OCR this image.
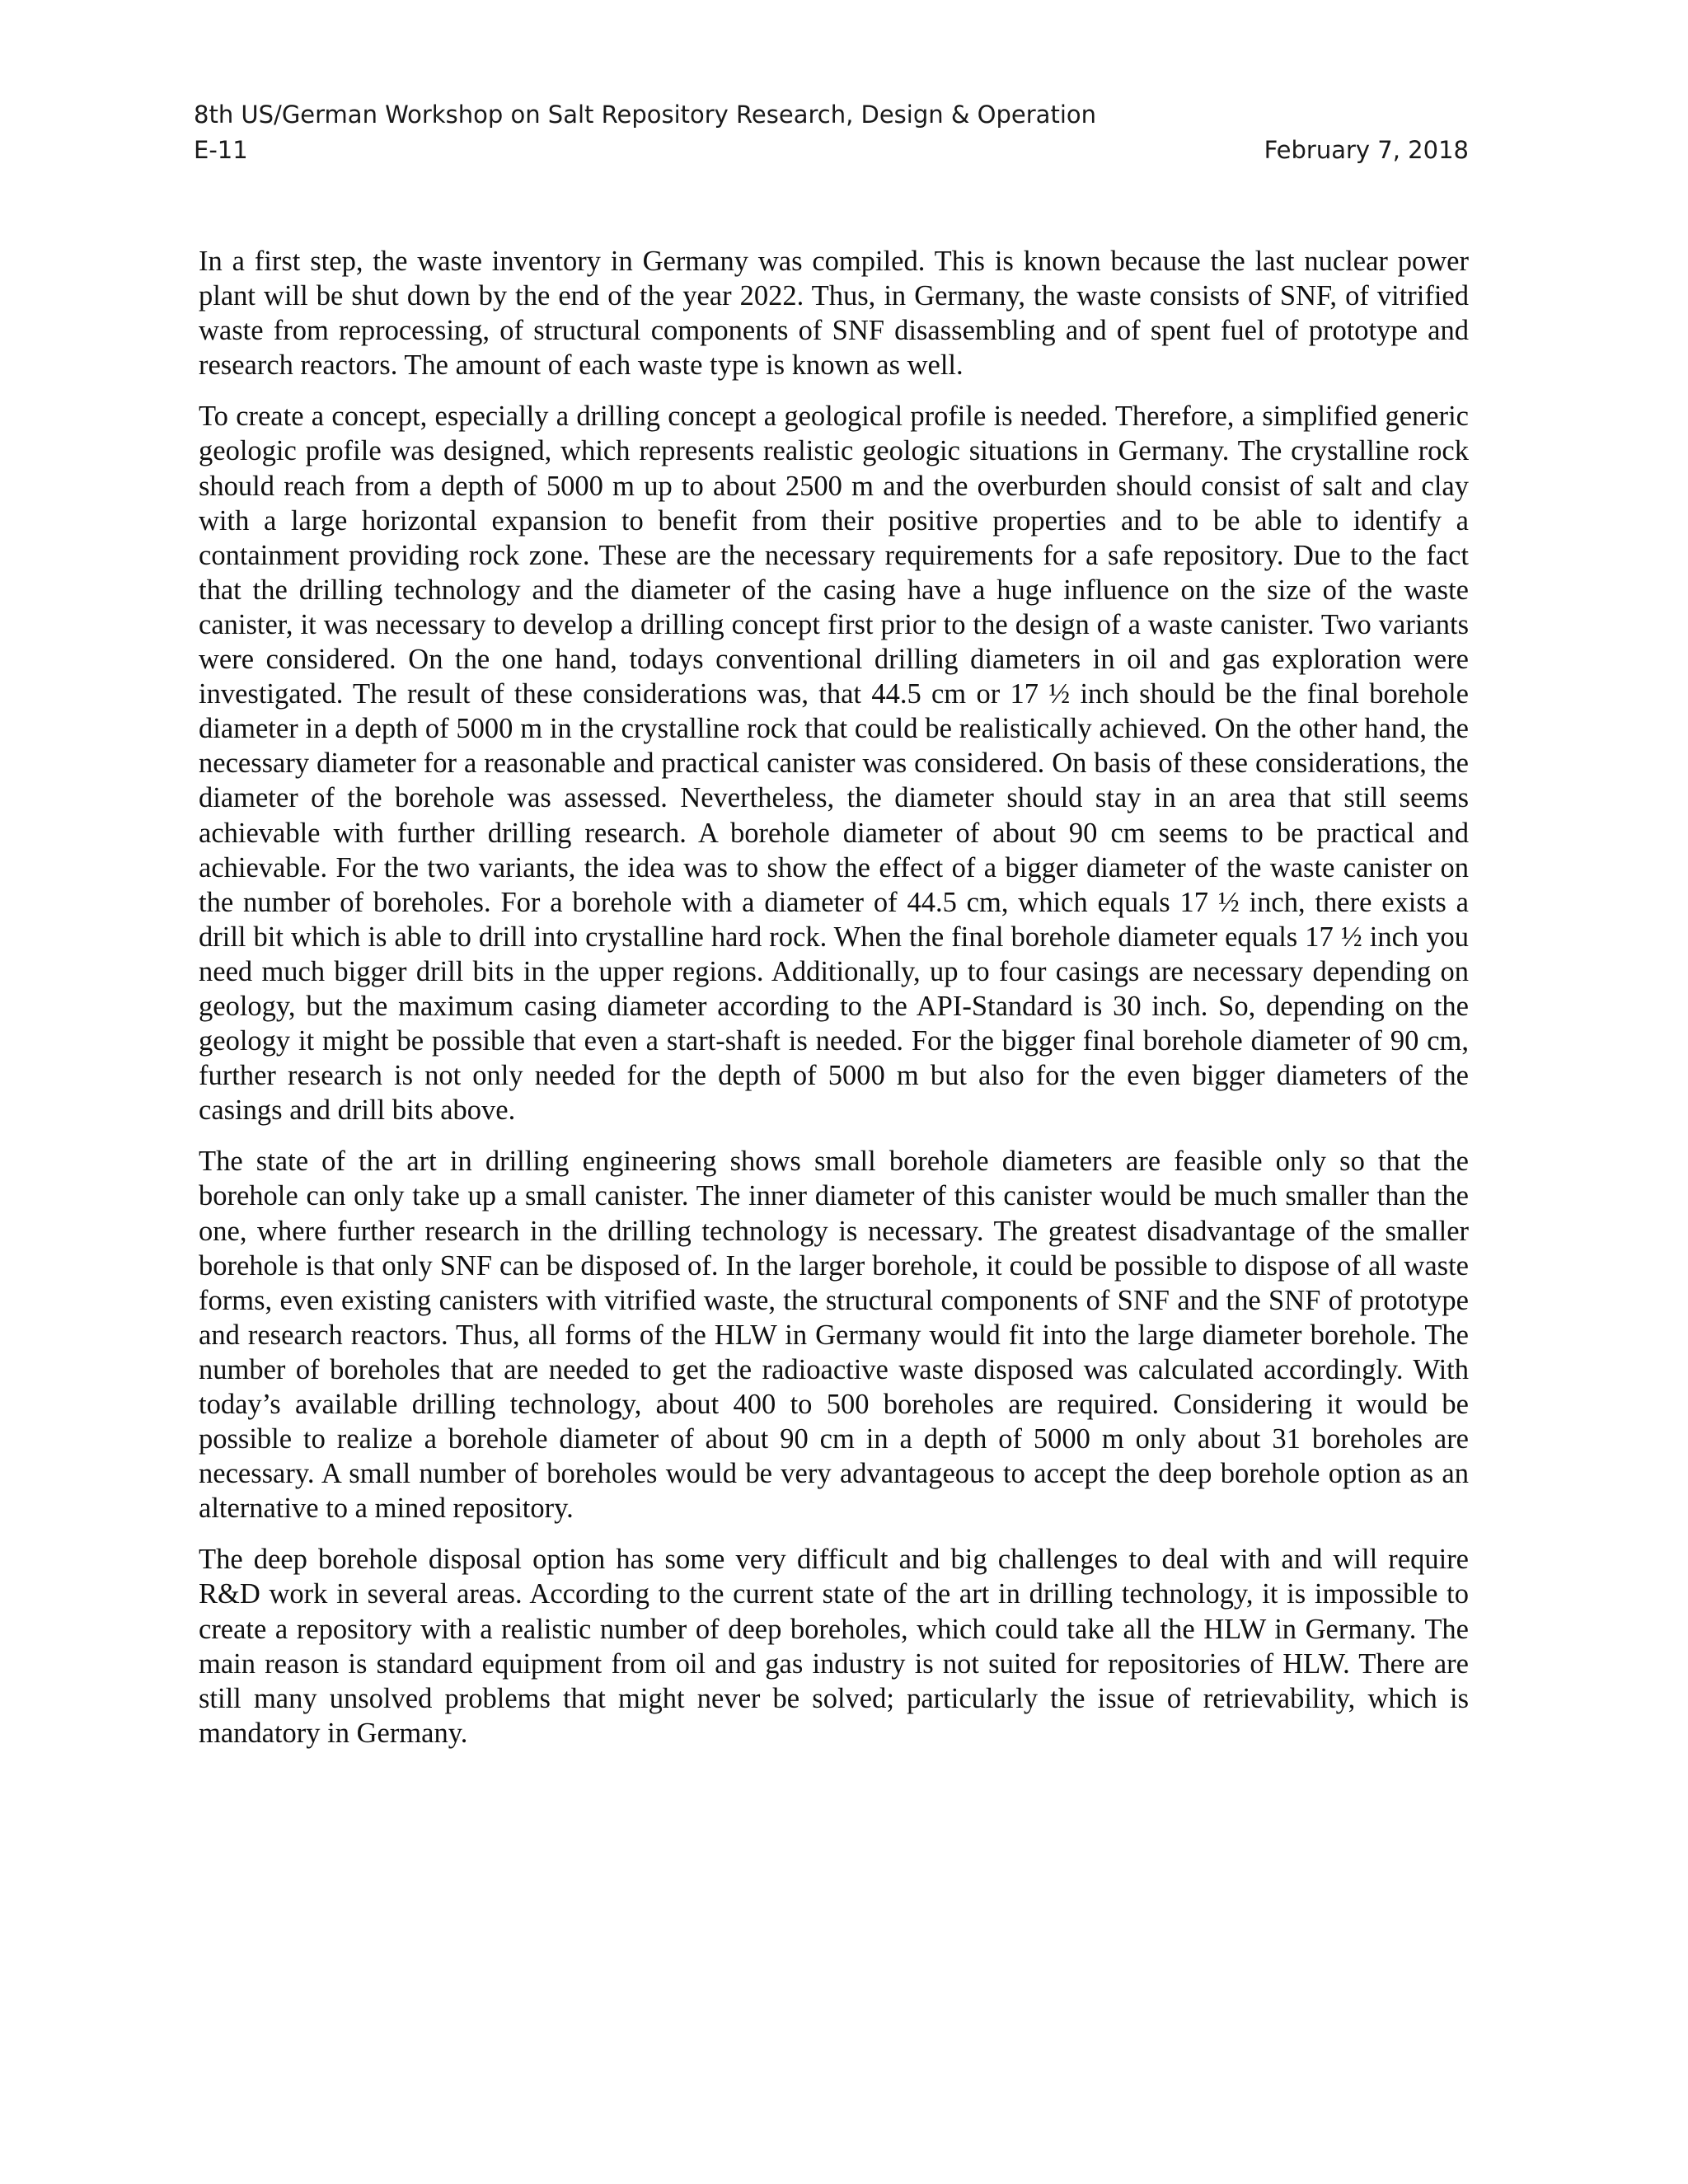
8th US/German Workshop on Salt Repository Research, Design & Operation
E-11	February 7, 2018

In a first step, the waste inventory in Germany was compiled. This is known because the last nuclear power plant will be shut down by the end of the year 2022. Thus, in Germany, the waste consists of SNF, of vitrified waste from reprocessing, of structural components of SNF disassembling and of spent fuel of prototype and research reactors. The amount of each waste type is known as well.

To create a concept, especially a drilling concept a geological profile is needed. Therefore, a simplified generic geologic profile was designed, which represents realistic geologic situations in Germany. The crystalline rock should reach from a depth of 5000 m up to about 2500 m and the overburden should consist of salt and clay with a large horizontal expansion to benefit from their positive properties and to be able to identify a containment providing rock zone. These are the necessary requirements for a safe repository. Due to the fact that the drilling technology and the diameter of the casing have a huge influence on the size of the waste canister, it was necessary to develop a drilling concept first prior to the design of a waste canister. Two variants were considered. On the one hand, todays conventional drilling diameters in oil and gas exploration were investigated. The result of these considerations was, that 44.5 cm or 17 ½ inch should be the final borehole diameter in a depth of 5000 m in the crystalline rock that could be realistically achieved. On the other hand, the necessary diameter for a reasonable and practical canister was considered. On basis of these considerations, the diameter of the borehole was assessed. Nevertheless, the diameter should stay in an area that still seems achievable with further drilling research. A borehole diameter of about 90 cm seems to be practical and achievable. For the two variants, the idea was to show the effect of a bigger diameter of the waste canister on the number of boreholes. For a borehole with a diameter of 44.5 cm, which equals 17 ½ inch, there exists a drill bit which is able to drill into crystalline hard rock. When the final borehole diameter equals 17 ½ inch you need much bigger drill bits in the upper regions. Additionally, up to four casings are necessary depending on geology, but the maximum casing diameter according to the API-Standard is 30 inch. So, depending on the geology it might be possible that even a start-shaft is needed. For the bigger final borehole diameter of 90 cm, further research is not only needed for the depth of 5000 m but also for the even bigger diameters of the casings and drill bits above.

The state of the art in drilling engineering shows small borehole diameters are feasible only so that the borehole can only take up a small canister. The inner diameter of this canister would be much smaller than the one, where further research in the drilling technology is necessary. The greatest disadvantage of the smaller borehole is that only SNF can be disposed of. In the larger borehole, it could be possible to dispose of all waste forms, even existing canisters with vitrified waste, the structural components of SNF and the SNF of prototype and research reactors. Thus, all forms of the HLW in Germany would fit into the large diameter borehole. The number of boreholes that are needed to get the radioactive waste disposed was calculated accordingly. With today’s available drilling technology, about 400 to 500 boreholes are required. Considering it would be possible to realize a borehole diameter of about 90 cm in a depth of 5000 m only about 31 boreholes are necessary. A small number of boreholes would be very advantageous to accept the deep borehole option as an alternative to a mined repository.

The deep borehole disposal option has some very difficult and big challenges to deal with and will require R&D work in several areas. According to the current state of the art in drilling technology, it is impossible to create a repository with a realistic number of deep boreholes, which could take all the HLW in Germany. The main reason is standard equipment from oil and gas industry is not suited for repositories of HLW. There are still many unsolved problems that might never be solved; particularly the issue of retrievability, which is mandatory in Germany.
